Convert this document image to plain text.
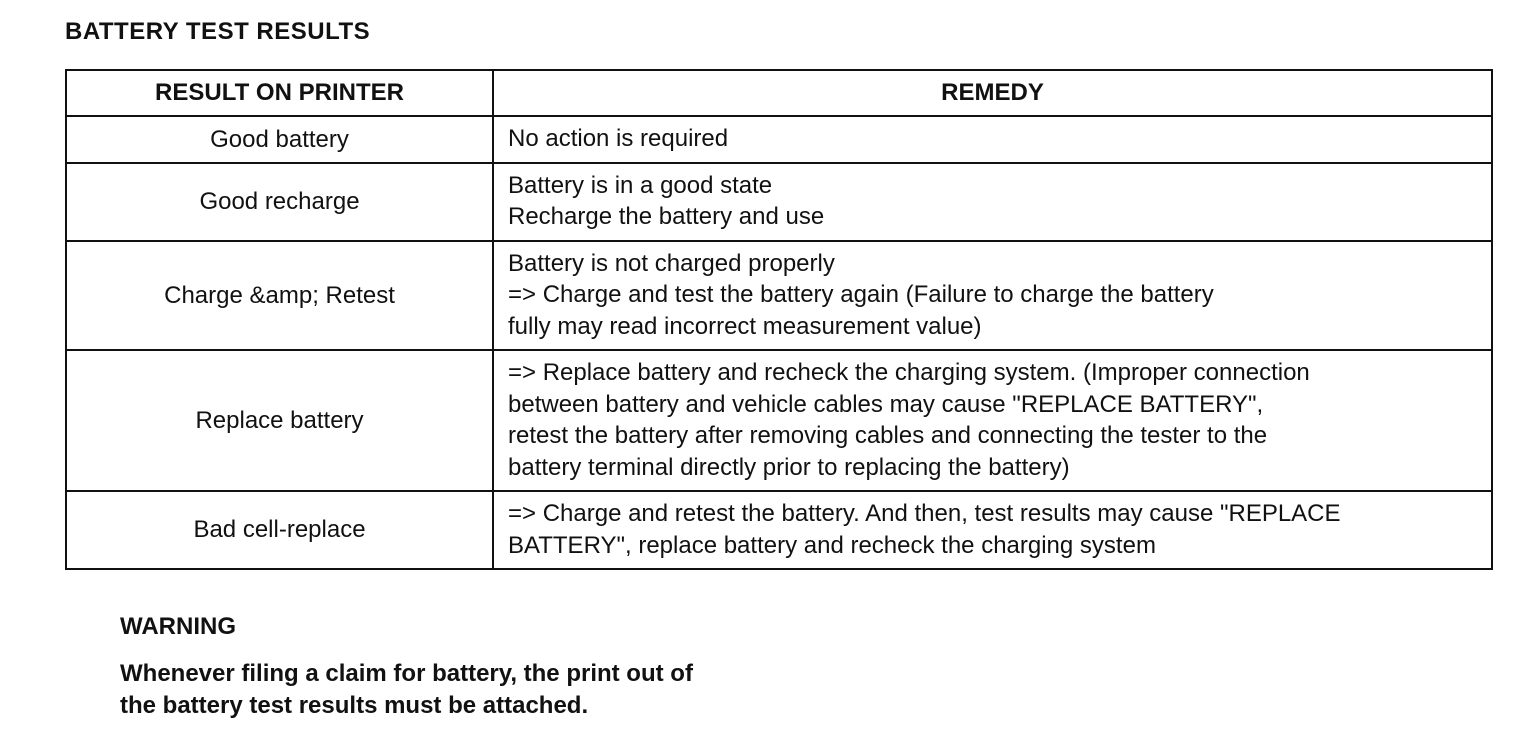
BATTERY TEST RESULTS
RESULT ON PRINTER	REMEDY
Good battery	No action is required

Good recharge	Battery is in a good state
Recharge the battery and use

Charge &amp; Retest	Battery is not charged properly
=> Charge and test the battery again (Failure to charge the battery
fully may read incorrect measurement value)

Replace battery	=> Replace battery and recheck the charging system. (Improper connection
between battery and vehicle cables may cause "REPLACE BATTERY",
retest the battery after removing cables and connecting the tester to the
battery terminal directly prior to replacing the battery)

Bad cell-replace	=> Charge and retest the battery. And then, test results may cause "REPLACE
BATTERY", replace battery and recheck the charging system
WARNING
Whenever filing a claim for battery, the print out of
the battery test results must be attached.
